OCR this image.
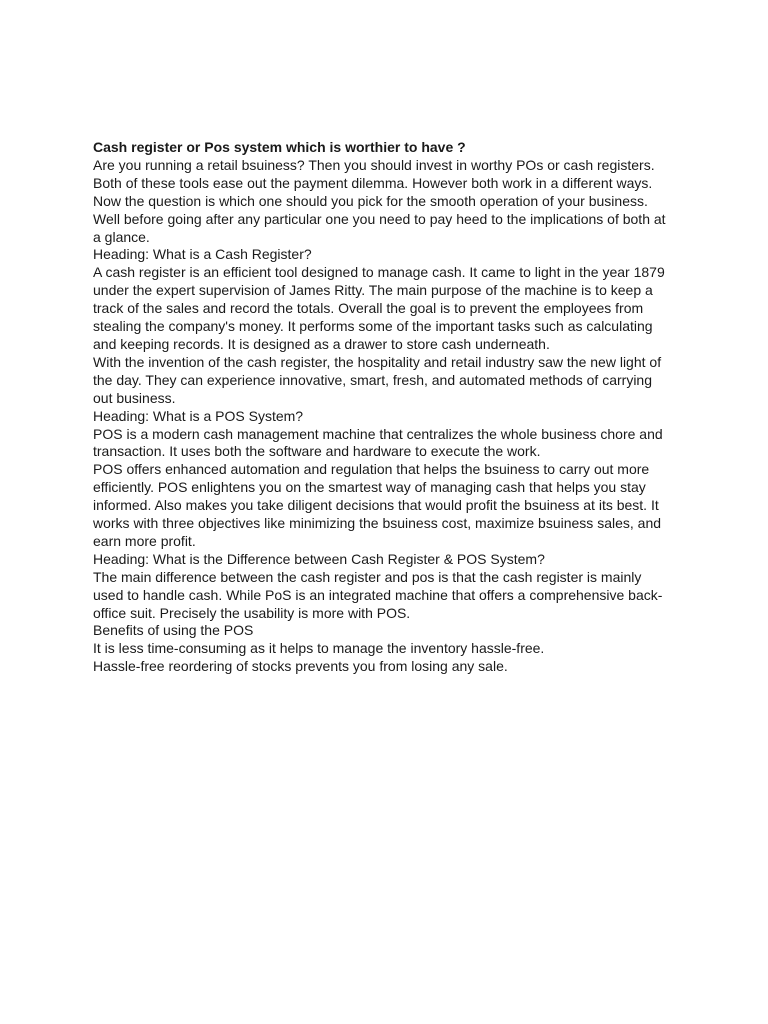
Cash register or Pos system which is worthier to have ?

Are you running a retail bsuiness? Then you should invest in worthy POs or cash registers.
Both of these tools ease out the payment dilemma. However both work in a different ways.
Now the question is which one should you pick for the smooth operation of your business.
Well before going after any particular one you need to pay heed to the implications of both at
a glance.

Heading: What is a Cash Register?

A cash register is an efficient tool designed to manage cash. It came to light in the year 1879
under the expert supervision of James Ritty. The main purpose of the machine is to keep a
track of the sales and record the totals. Overall the goal is to prevent the employees from
stealing the company's money. It performs some of the important tasks such as calculating
and keeping records. It is designed as a drawer to store cash underneath.

With the invention of the cash register, the hospitality and retail industry saw the new light of
the day. They can experience innovative, smart, fresh, and automated methods of carrying
out business.

Heading: What is a POS System?

POS is a modern cash management machine that centralizes the whole business chore and
transaction. It uses both the software and hardware to execute the work.

POS offers enhanced automation and regulation that helps the bsuiness to carry out more
efficiently. POS enlightens you on the smartest way of managing cash that helps you stay
informed. Also makes you take diligent decisions that would profit the bsuiness at its best. It
works with three objectives like minimizing the bsuiness cost, maximize bsuiness sales, and
earn more profit.

Heading: What is the Difference between Cash Register & POS System?

The main difference between the cash register and pos is that the cash register is mainly
used to handle cash. While PoS is an integrated machine that offers a comprehensive back-
office suit. Precisely the usability is more with POS.

Benefits of using the POS

It is less time-consuming as it helps to manage the inventory hassle-free.
Hassle-free reordering of stocks prevents you from losing any sale.
